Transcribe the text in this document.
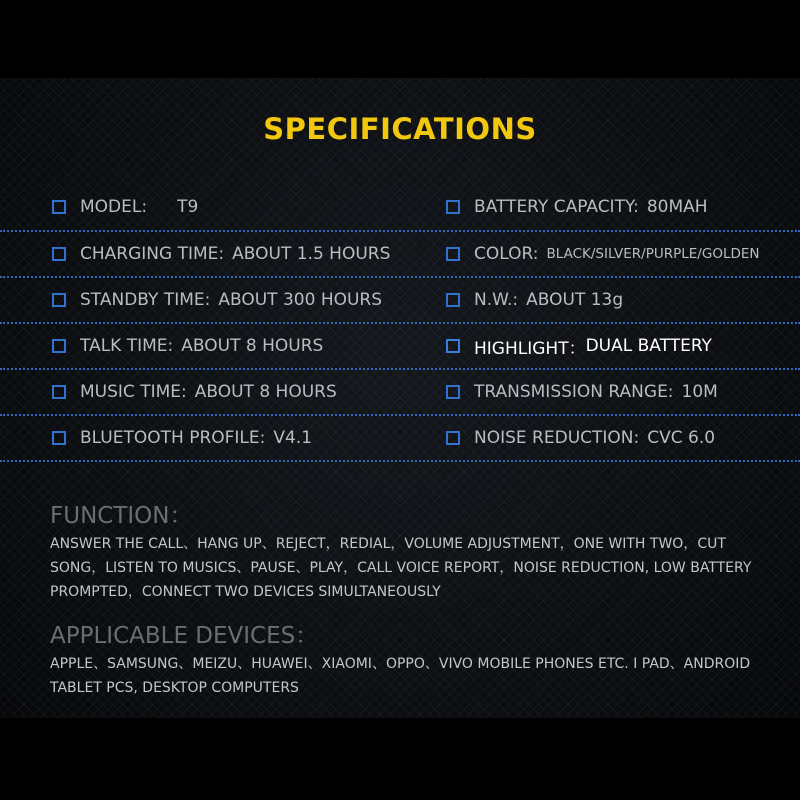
SPECIFICATIONS
MODEL: T9	BATTERY CAPACITY: 80MAH
CHARGING TIME: ABOUT 1.5 HOURS	COLOR: BLACK/SILVER/PURPLE/GOLDEN
STANDBY TIME: ABOUT 300 HOURS	N.W.: ABOUT 13g
TALK TIME: ABOUT 8 HOURS	HIGHLIGHT： DUAL BATTERY
MUSIC TIME: ABOUT 8 HOURS	TRANSMISSION RANGE: 10M
BLUETOOTH PROFILE: V4.1	NOISE REDUCTION: CVC 6.0
FUNCTION：

ANSWER THE CALL、HANG UP、REJECT，REDIAL，VOLUME ADJUSTMENT，ONE WITH TWO，CUT SONG，LISTEN TO MUSICS、PAUSE、PLAY，CALL VOICE REPORT，NOISE REDUCTION, LOW BATTERY PROMPTED，CONNECT TWO DEVICES SIMULTANEOUSLY

APPLICABLE DEVICES：

APPLE、SAMSUNG、MEIZU、HUAWEI、XIAOMI、OPPO、VIVO MOBILE PHONES ETC. I PAD、ANDROID TABLET PCS, DESKTOP COMPUTERS
